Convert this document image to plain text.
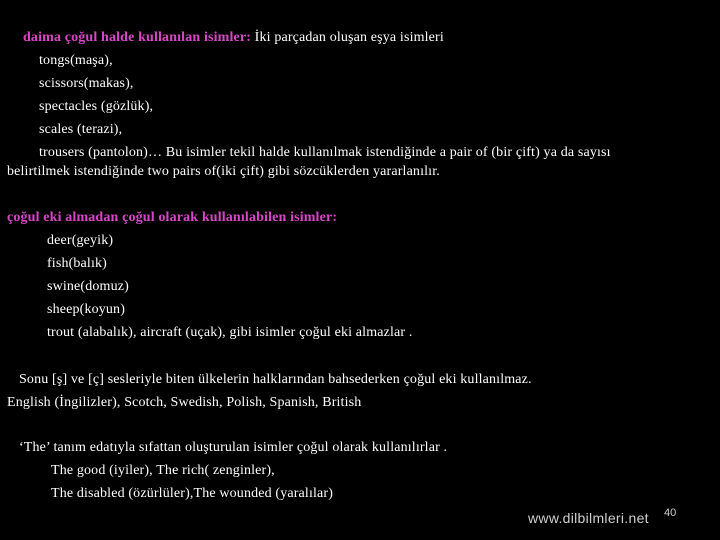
daima çoğul halde kullanılan isimler: İki parçadan oluşan eşya isimleri
tongs(maşa),
scissors(makas),
spectacles (gözlük),
scales (terazi),
trousers (pantolon)… Bu isimler tekil halde kullanılmak istendiğinde a pair of (bir çift) ya da sayısı
belirtilmek istendiğinde two pairs of(iki çift) gibi sözcüklerden yararlanılır.
çoğul eki almadan çoğul olarak kullanılabilen isimler:
deer(geyik)
fish(balık)
swine(domuz)
sheep(koyun)
trout (alabalık), aircraft (uçak), gibi isimler çoğul eki almazlar .
Sonu [ş] ve [ç] sesleriyle biten ülkelerin halklarından bahsederken çoğul eki kullanılmaz.
English (İngilizler), Scotch, Swedish, Polish, Spanish, British
‘The’ tanım edatıyla sıfattan oluşturulan isimler çoğul olarak kullanılırlar .
The good (iyiler), The rich( zenginler),
The disabled (özürlüler),The wounded (yaralılar)
www.dilbilmleri.net 40
